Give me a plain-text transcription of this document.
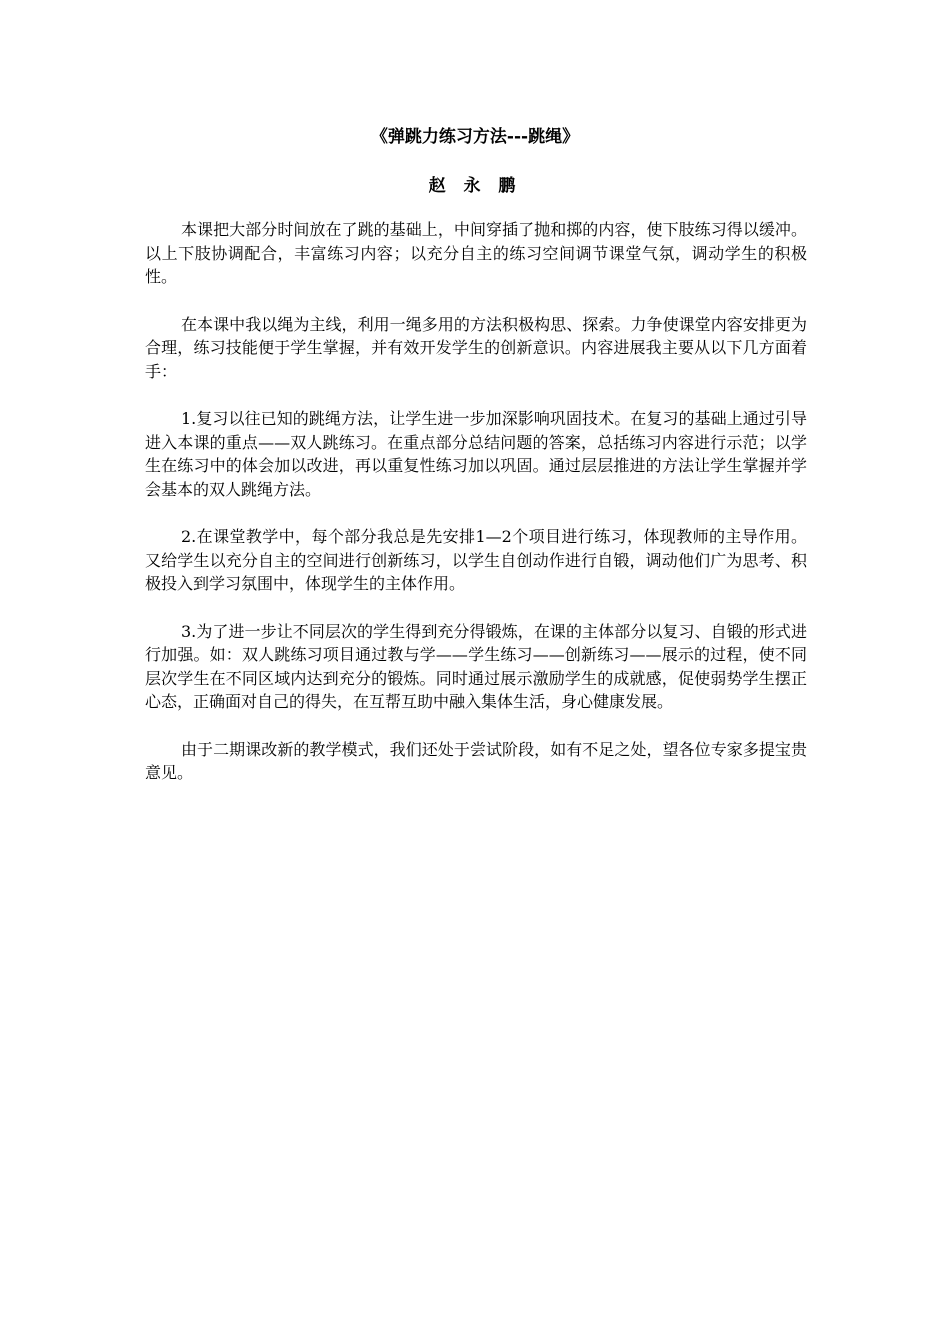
《弹跳力练习方法---跳绳》
赵 永 鹏

本课把大部分时间放在了跳的基础上，中间穿插了抛和掷的内容，使下肢练习得以缓冲。以上下肢协调配合，丰富练习内容；以充分自主的练习空间调节课堂气氛，调动学生的积极性。

在本课中我以绳为主线，利用一绳多用的方法积极构思、探索。力争使课堂内容安排更为合理，练习技能便于学生掌握，并有效开发学生的创新意识。内容进展我主要从以下几方面着手：

1.复习以往已知的跳绳方法，让学生进一步加深影响巩固技术。在复习的基础上通过引导进入本课的重点——双人跳练习。在重点部分总结问题的答案，总括练习内容进行示范；以学生在练习中的体会加以改进，再以重复性练习加以巩固。通过层层推进的方法让学生掌握并学会基本的双人跳绳方法。

2.在课堂教学中，每个部分我总是先安排1—2个项目进行练习，体现教师的主导作用。又给学生以充分自主的空间进行创新练习，以学生自创动作进行自锻，调动他们广为思考、积极投入到学习氛围中，体现学生的主体作用。

3.为了进一步让不同层次的学生得到充分得锻炼，在课的主体部分以复习、自锻的形式进行加强。如：双人跳练习项目通过教与学——学生练习——创新练习——展示的过程，使不同层次学生在不同区域内达到充分的锻炼。同时通过展示激励学生的成就感，促使弱势学生摆正心态，正确面对自己的得失，在互帮互助中融入集体生活，身心健康发展。

由于二期课改新的教学模式，我们还处于尝试阶段，如有不足之处，望各位专家多提宝贵意见。
